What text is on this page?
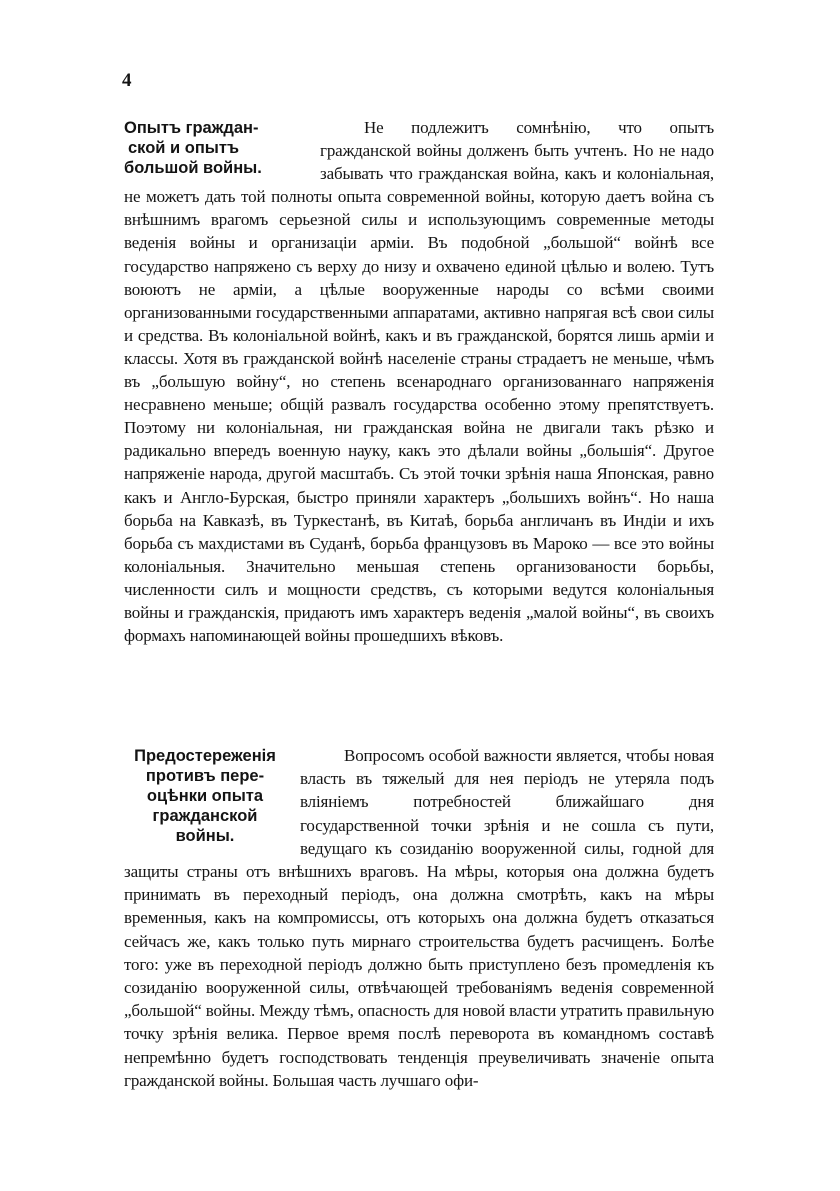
4
Опытъ граждан-
ской и опытъ
большой войны.

Не подлежитъ сомнѣнію, что опытъ гражданской войны долженъ быть учтенъ. Но не надо забывать что гражданская война, какъ и колоніальная, не можетъ дать той полноты опыта современной войны, которую даетъ война съ внѣшнимъ врагомъ серьезной силы и использующимъ современные методы веденія войны и организаціи арміи. Въ подобной „большой“ войнѣ все государство напряжено съ верху до низу и охвачено единой цѣлью и волею. Тутъ воюютъ не арміи, а цѣлые вооруженные народы со всѣми своими организованными государственными аппаратами, активно напрягая всѣ свои силы и средства. Въ колоніальной войнѣ, какъ и въ гражданской, борятся лишь арміи и классы. Хотя въ гражданской войнѣ населеніе страны страдаетъ не меньше, чѣмъ въ „большую войну“, но степень всенароднаго организованнаго напряженія несравнено меньше; общій развалъ государства особенно этому препятствуетъ. Поэтому ни колоніальная, ни гражданская война не двигали такъ рѣзко и радикально впередъ военную науку, какъ это дѣлали войны „большія“. Другое напряженіе народа, другой масштабъ. Съ этой точки зрѣнія наша Японская, равно какъ и Англо-Бурская, быстро приняли характеръ „большихъ войнъ“. Но наша борьба на Кавказѣ, въ Туркестанѣ, въ Китаѣ, борьба англичанъ въ Индіи и ихъ борьба съ махдистами въ Суданѣ, борьба французовъ въ Мароко — все это войны колоніальныя. Значительно меньшая степень организованости борьбы, численности силъ и мощности средствъ, съ которыми ведутся колоніальныя войны и гражданскія, придаютъ имъ характеръ веденія „малой войны“, въ своихъ формахъ напоминающей войны прошедшихъ вѣковъ.

Предостереженія
противъ пере-
оцѣнки опыта
гражданской
войны.

Вопросомъ особой важности является, чтобы новая власть въ тяжелый для нея періодъ не утеряла подъ вліяніемъ потребностей ближайшаго дня государственной точки зрѣнія и не сошла съ пути, ведущаго къ созиданію вооруженной силы, годной для защиты страны отъ внѣшнихъ враговъ. На мѣры, которыя она должна будетъ принимать въ переходный періодъ, она должна смотрѣть, какъ на мѣры временныя, какъ на компромиссы, отъ которыхъ она должна будетъ отказаться сейчасъ же, какъ только путь мирнаго строительства будетъ расчищенъ. Болѣе того: уже въ переходной періодъ должно быть приступлено безъ промедленія къ созиданію вооруженной силы, отвѣчающей требованіямъ веденія современной „большой“ войны. Между тѣмъ, опасность для новой власти утратить правильную точку зрѣнія велика. Первое время послѣ переворота въ командномъ составѣ непремѣнно будетъ господствовать тенденція преувеличивать значеніе опыта гражданской войны. Большая часть лучшаго офи-
